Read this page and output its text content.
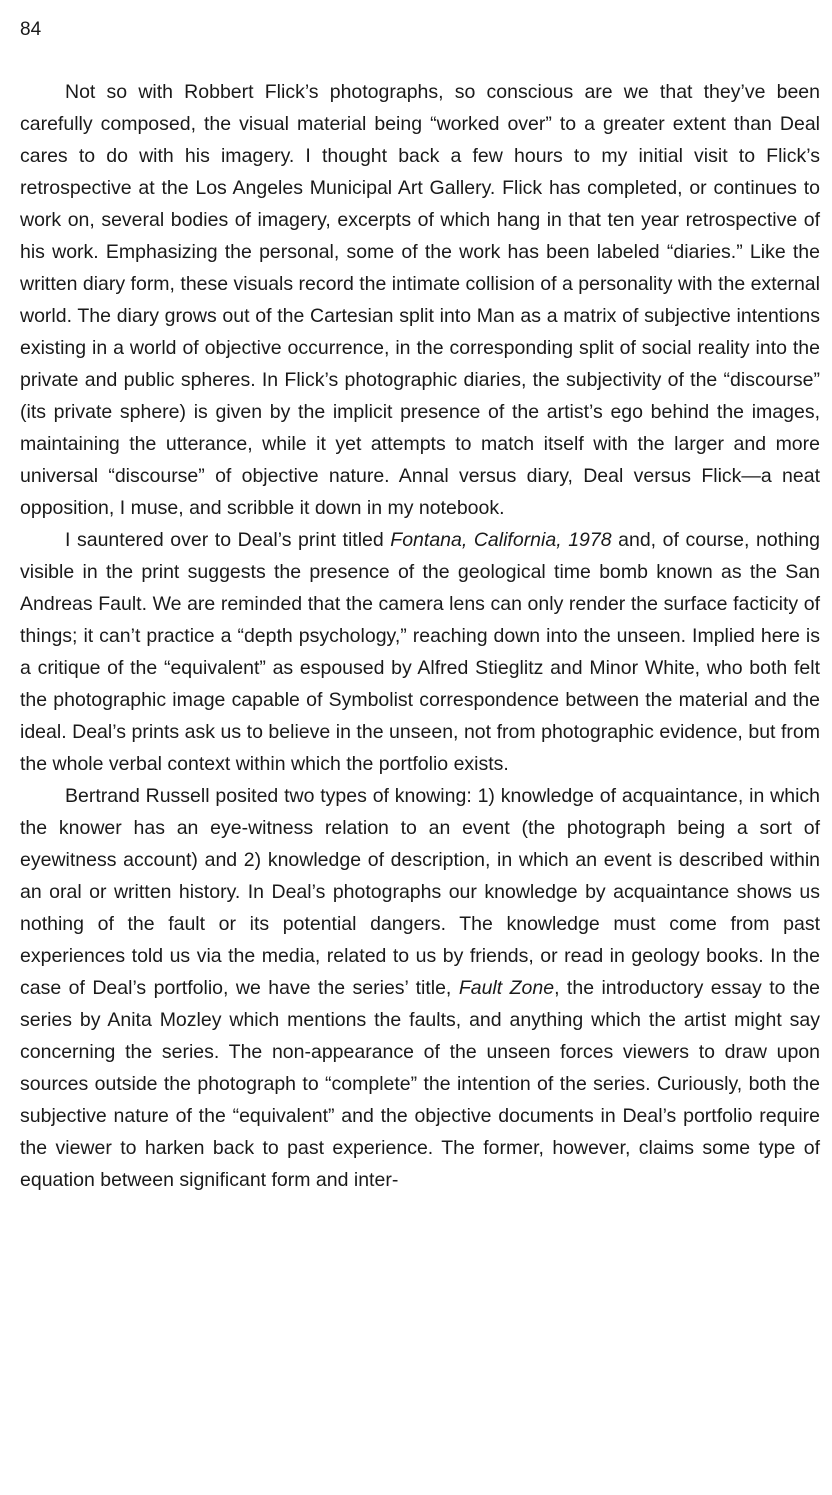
84

Not so with Robbert Flick’s photographs, so conscious are we that they’ve been carefully composed, the visual material being “worked over” to a greater extent than Deal cares to do with his imagery. I thought back a few hours to my initial visit to Flick’s retrospective at the Los Angeles Municipal Art Gallery. Flick has completed, or continues to work on, several bodies of imagery, excerpts of which hang in that ten year retrospective of his work. Emphasizing the personal, some of the work has been labeled “diaries.” Like the written diary form, these visuals record the intimate collision of a personality with the external world. The diary grows out of the Cartesian split into Man as a matrix of subjective intentions existing in a world of objective occurrence, in the corresponding split of social reality into the private and public spheres. In Flick’s photographic diaries, the subjectivity of the “discourse” (its private sphere) is given by the implicit presence of the artist’s ego behind the images, maintaining the utterance, while it yet attempts to match itself with the larger and more universal “discourse” of objective nature. Annal versus diary, Deal versus Flick—a neat opposition, I muse, and scribble it down in my notebook.

I sauntered over to Deal’s print titled Fontana, California, 1978 and, of course, nothing visible in the print suggests the presence of the geological time bomb known as the San Andreas Fault. We are reminded that the camera lens can only render the surface facticity of things; it can’t practice a “depth psychology,” reaching down into the unseen. Implied here is a critique of the “equivalent” as espoused by Alfred Stieglitz and Minor White, who both felt the photographic image capable of Symbolist correspondence between the material and the ideal. Deal’s prints ask us to believe in the unseen, not from photographic evidence, but from the whole verbal context within which the portfolio exists.

Bertrand Russell posited two types of knowing: 1) knowledge of acquaintance, in which the knower has an eye-witness relation to an event (the photograph being a sort of eyewitness account) and 2) knowledge of description, in which an event is described within an oral or written history. In Deal’s photographs our knowledge by acquaintance shows us nothing of the fault or its potential dangers. The knowledge must come from past experiences told us via the media, related to us by friends, or read in geology books. In the case of Deal’s portfolio, we have the series’ title, Fault Zone, the introductory essay to the series by Anita Mozley which mentions the faults, and anything which the artist might say concerning the series. The non-appearance of the unseen forces viewers to draw upon sources outside the photograph to “complete” the intention of the series. Curiously, both the subjective nature of the “equivalent” and the objective documents in Deal’s portfolio require the viewer to harken back to past experience. The former, however, claims some type of equation between significant form and inter-
